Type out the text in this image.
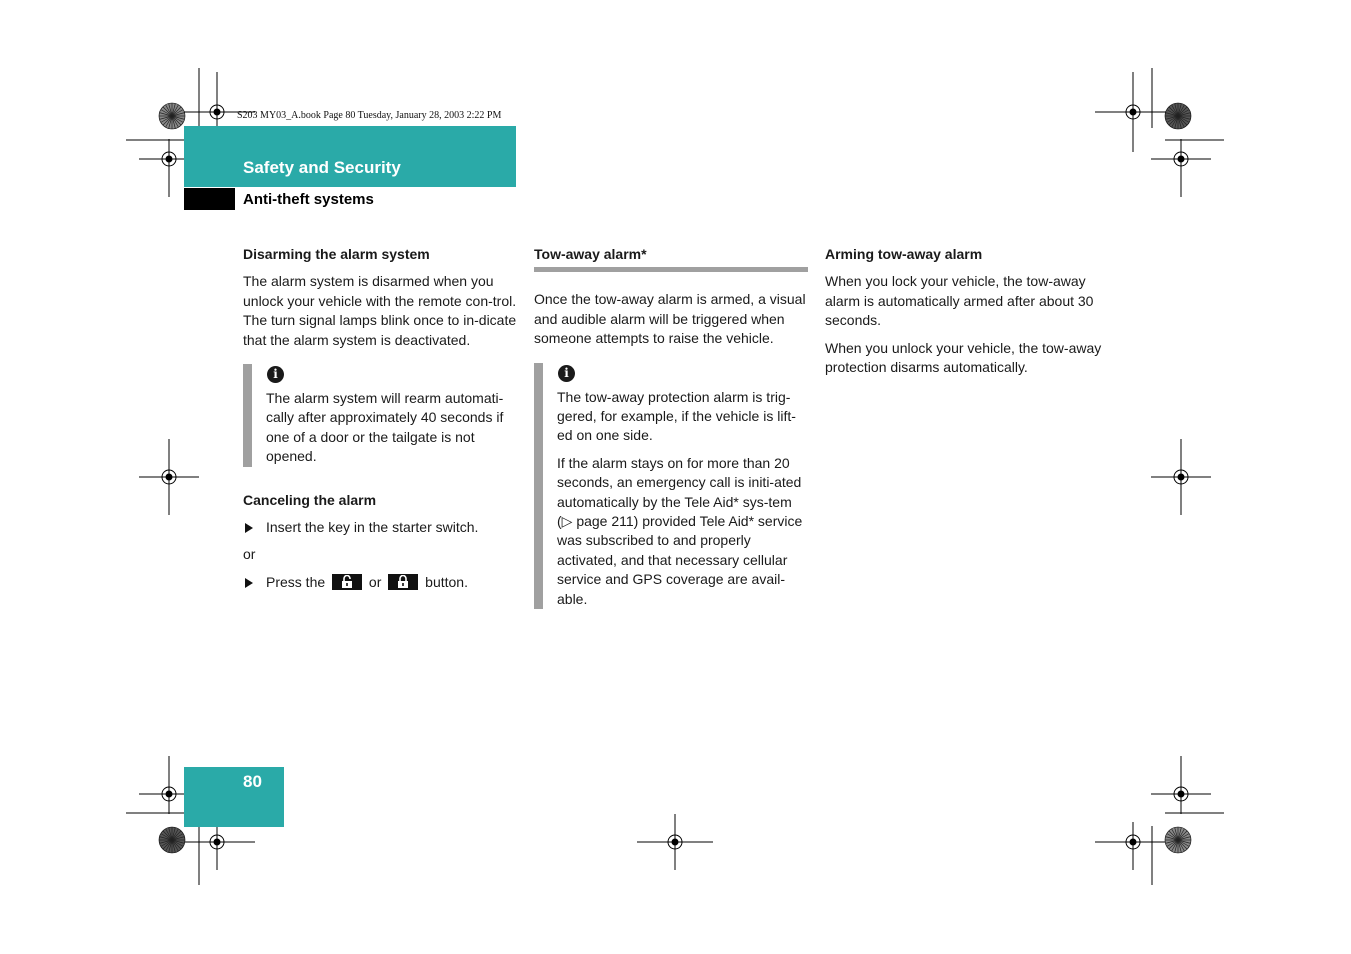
S203 MY03_A.book Page 80 Tuesday, January 28, 2003 2:22 PM
Safety and Security
Anti-theft systems
Disarming the alarm system

The alarm system is disarmed when you unlock your vehicle with the remote con-trol. The turn signal lamps blink once to in-dicate that the alarm system is deactivated.

i

The alarm system will rearm automati-cally after approximately 40 seconds if one of a door or the tailgate is not opened.

Canceling the alarm
Insert the key in the starter switch.

or

Press the	or	button.
Tow-away alarm*

Once the tow-away alarm is armed, a visual and audible alarm will be triggered when someone attempts to raise the vehicle.

i

The tow-away protection alarm is trig-gered, for example, if the vehicle is lift-ed on one side.

If the alarm stays on for more than 20 seconds, an emergency call is initi-ated automatically by the Tele Aid* sys-tem (▷ page 211) provided Tele Aid* service was subscribed to and properly activated, and that necessary cellular service and GPS coverage are avail-able.

Arming tow-away alarm

When you lock your vehicle, the tow-away alarm is automatically armed after about 30 seconds.

When you unlock your vehicle, the tow-away protection disarms automatically.

80
